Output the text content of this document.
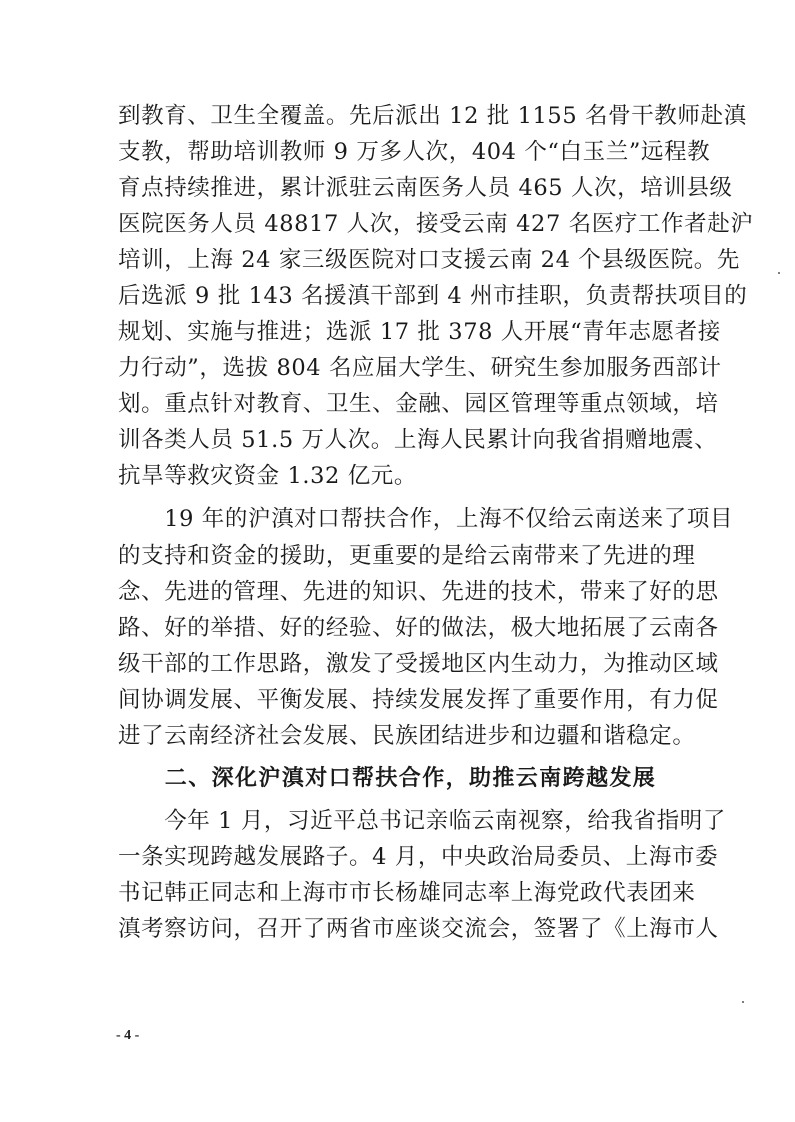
到教育、卫生全覆盖。先后派出 12 批 1155 名骨干教师赴滇
支教，帮助培训教师 9 万多人次，404 个“白玉兰”远程教
育点持续推进，累计派驻云南医务人员 465 人次，培训县级
医院医务人员 48817 人次，接受云南 427 名医疗工作者赴沪
培训，上海 24 家三级医院对口支援云南 24 个县级医院。先
后选派 9 批 143 名援滇干部到 4 州市挂职，负责帮扶项目的
规划、实施与推进；选派 17 批 378 人开展“青年志愿者接
力行动”，选拔 804 名应届大学生、研究生参加服务西部计
划。重点针对教育、卫生、金融、园区管理等重点领域，培
训各类人员 51.5 万人次。上海人民累计向我省捐赠地震、
抗旱等救灾资金 1.32 亿元。
　　19 年的沪滇对口帮扶合作，上海不仅给云南送来了项目
的支持和资金的援助，更重要的是给云南带来了先进的理
念、先进的管理、先进的知识、先进的技术，带来了好的思
路、好的举措、好的经验、好的做法，极大地拓展了云南各
级干部的工作思路，激发了受援地区内生动力，为推动区域
间协调发展、平衡发展、持续发展发挥了重要作用，有力促
进了云南经济社会发展、民族团结进步和边疆和谐稳定。
　　二、深化沪滇对口帮扶合作，助推云南跨越发展
　　今年 1 月，习近平总书记亲临云南视察，给我省指明了
一条实现跨越发展路子。4 月，中央政治局委员、上海市委
书记韩正同志和上海市市长杨雄同志率上海党政代表团来
滇考察访问，召开了两省市座谈交流会，签署了《上海市人
- 4 -
